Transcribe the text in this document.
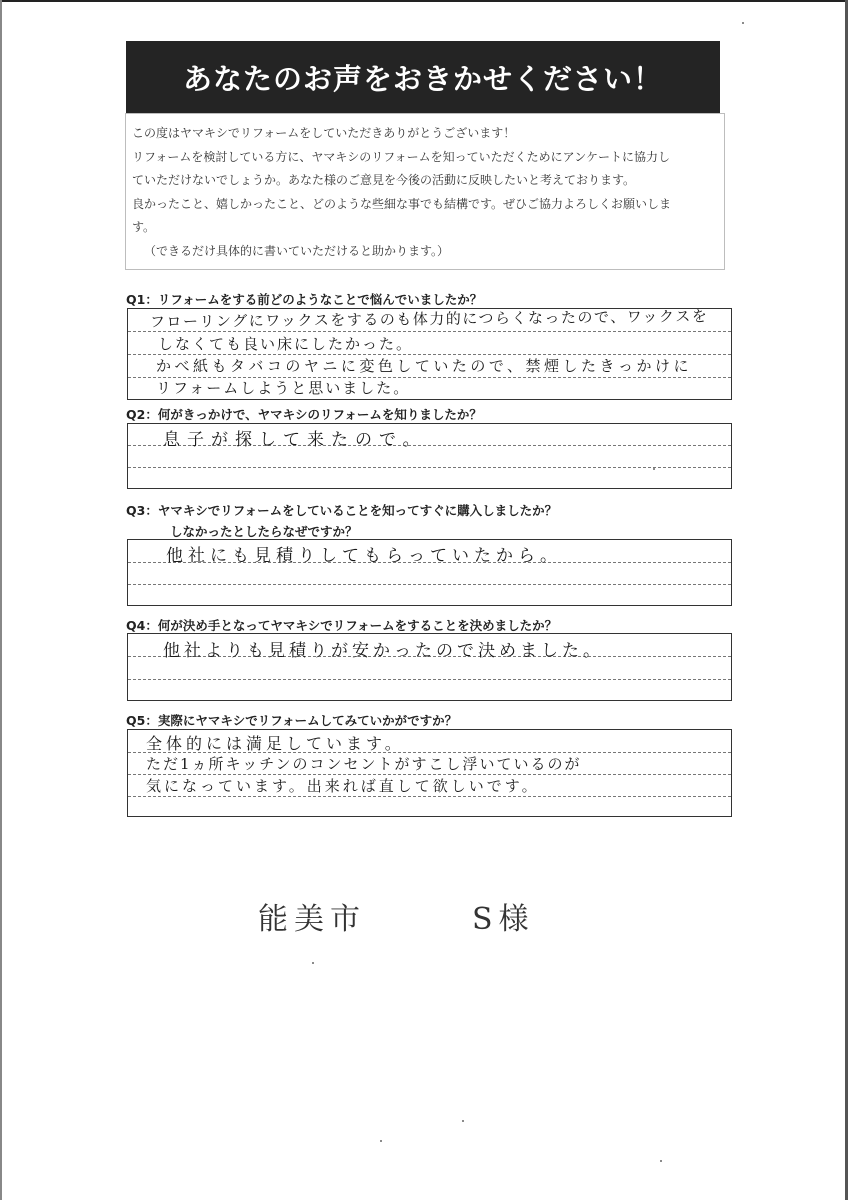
あなたのお声をおきかせください！

この度はヤマキシでリフォームをしていただきありがとうございます！

リフォームを検討している方に、ヤマキシのリフォームを知っていただくためにアンケートに協力し

ていただけないでしょうか。あなた様のご意見を今後の活動に反映したいと考えております。

良かったこと、嬉しかったこと、どのような些細な事でも結構です。ぜひご協力よろしくお願いしま

す。

（できるだけ具体的に書いていただけると助かります。）

Q1：リフォームをする前どのようなことで悩んでいましたか？
フローリングにワックスをするのも体力的につらくなったので、ワックスを
しなくても良い床にしたかった。
かべ紙もタバコのヤニに変色していたので、禁煙したきっかけに
リフォームしようと思いました。
Q2：何がきっかけで、ヤマキシのリフォームを知りましたか？
息子が探して来たので。
Q3：ヤマキシでリフォームをしていることを知ってすぐに購入しましたか？
しなかったとしたらなぜですか？
他社にも見積りしてもらっていたから。
Q4：何が決め手となってヤマキシでリフォームをすることを決めましたか？
他社よりも見積りが安かったので決めました。
Q5：実際にヤマキシでリフォームしてみていかがですか？
全体的には満足しています。
ただ1ヵ所キッチンのコンセントがすこし浮いているのが
気になっています。出来れば直して欲しいです。
能美市	S様
